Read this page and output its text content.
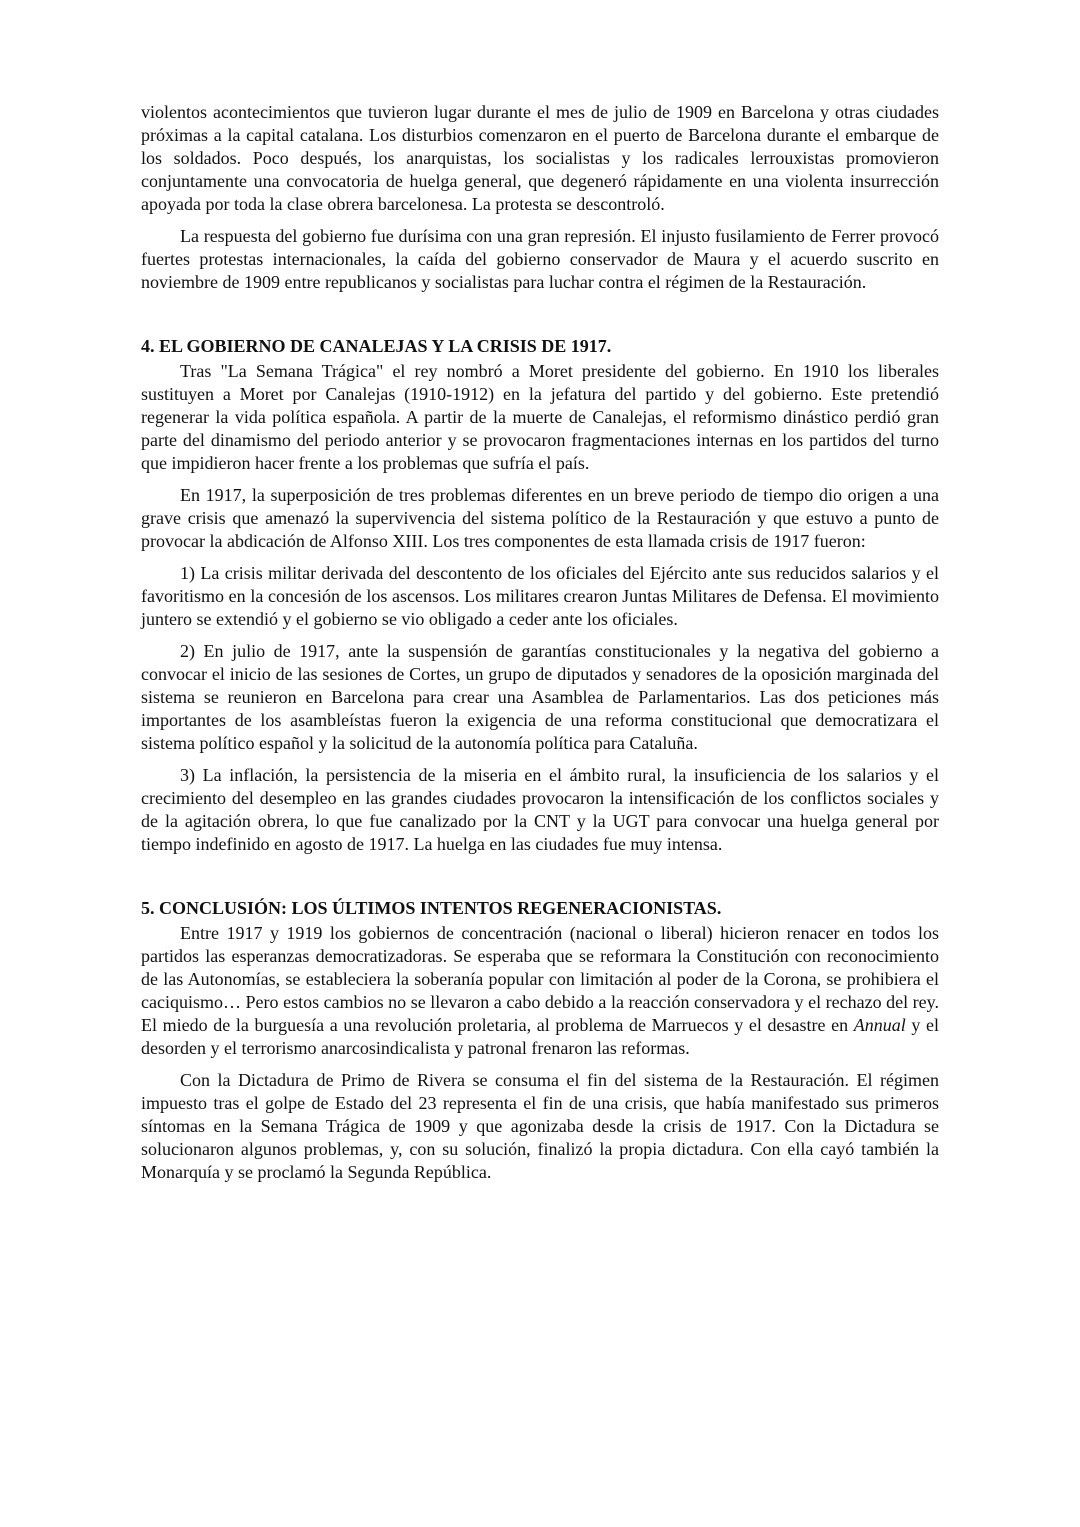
violentos acontecimientos que tuvieron lugar durante el mes de julio de 1909 en Barcelona y otras ciudades próximas a la capital catalana. Los disturbios comenzaron en el puerto de Barcelona durante el embarque de los soldados. Poco después, los anarquistas, los socialistas y los radicales lerrouxistas promovieron conjuntamente una convocatoria de huelga general, que degeneró rápidamente en una violenta insurrección apoyada por toda la clase obrera barcelonesa. La protesta se descontroló.

La respuesta del gobierno fue durísima con una gran represión. El injusto fusilamiento de Ferrer provocó fuertes protestas internacionales, la caída del gobierno conservador de Maura y el acuerdo suscrito en noviembre de 1909 entre republicanos y socialistas para luchar contra el régimen de la Restauración.

4. EL GOBIERNO DE CANALEJAS Y LA CRISIS DE 1917.

Tras "La Semana Trágica" el rey nombró a Moret presidente del gobierno. En 1910 los liberales sustituyen a Moret por Canalejas (1910-1912) en la jefatura del partido y del gobierno. Este pretendió regenerar la vida política española. A partir de la muerte de Canalejas, el reformismo dinástico perdió gran parte del dinamismo del periodo anterior y se provocaron fragmentaciones internas en los partidos del turno que impidieron hacer frente a los problemas que sufría el país.

En 1917, la superposición de tres problemas diferentes en un breve periodo de tiempo dio origen a una grave crisis que amenazó la supervivencia del sistema político de la Restauración y que estuvo a punto de provocar la abdicación de Alfonso XIII. Los tres componentes de esta llamada crisis de 1917 fueron:

1) La crisis militar derivada del descontento de los oficiales del Ejército ante sus reducidos salarios y el favoritismo en la concesión de los ascensos. Los militares crearon Juntas Militares de Defensa. El movimiento juntero se extendió y el gobierno se vio obligado a ceder ante los oficiales.

2) En julio de 1917, ante la suspensión de garantías constitucionales y la negativa del gobierno a convocar el inicio de las sesiones de Cortes, un grupo de diputados y senadores de la oposición marginada del sistema se reunieron en Barcelona para crear una Asamblea de Parlamentarios. Las dos peticiones más importantes de los asambleístas fueron la exigencia de una reforma constitucional que democratizara el sistema político español y la solicitud de la autonomía política para Cataluña.

3) La inflación, la persistencia de la miseria en el ámbito rural, la insuficiencia de los salarios y el crecimiento del desempleo en las grandes ciudades provocaron la intensificación de los conflictos sociales y de la agitación obrera, lo que fue canalizado por la CNT y la UGT para convocar una huelga general por tiempo indefinido en agosto de 1917. La huelga en las ciudades fue muy intensa.

5. CONCLUSIÓN: LOS ÚLTIMOS INTENTOS REGENERACIONISTAS.

Entre 1917 y 1919 los gobiernos de concentración (nacional o liberal) hicieron renacer en todos los partidos las esperanzas democratizadoras. Se esperaba que se reformara la Constitución con reconocimiento de las Autonomías, se estableciera la soberanía popular con limitación al poder de la Corona, se prohibiera el caciquismo… Pero estos cambios no se llevaron a cabo debido a la reacción conservadora y el rechazo del rey. El miedo de la burguesía a una revolución proletaria, al problema de Marruecos y el desastre en Annual y el desorden y el terrorismo anarcosindicalista y patronal frenaron las reformas.

Con la Dictadura de Primo de Rivera se consuma el fin del sistema de la Restauración. El régimen impuesto tras el golpe de Estado del 23 representa el fin de una crisis, que había manifestado sus primeros síntomas en la Semana Trágica de 1909 y que agonizaba desde la crisis de 1917. Con la Dictadura se solucionaron algunos problemas, y, con su solución, finalizó la propia dictadura. Con ella cayó también la Monarquía y se proclamó la Segunda República.
